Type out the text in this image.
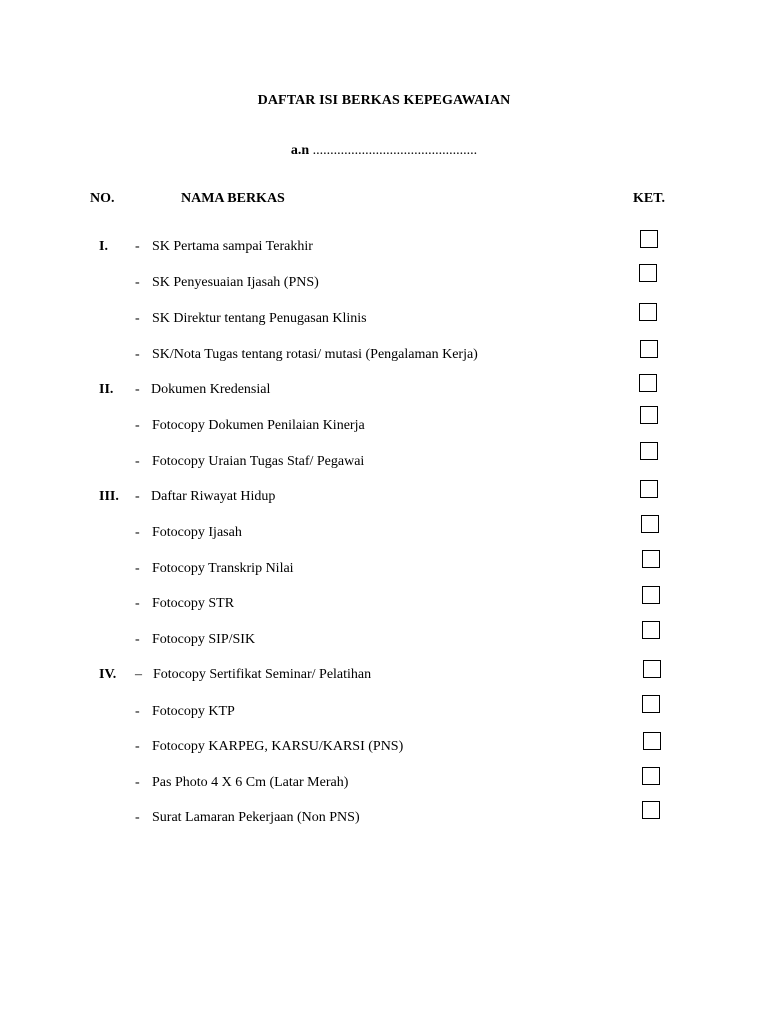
DAFTAR ISI BERKAS KEPEGAWAIAN
a.n ...............................................
NO.	NAMA BERKAS	KET.
I. - SK Pertama sampai Terakhir
- SK Penyesuaian Ijasah (PNS)
- SK Direktur tentang Penugasan Klinis
- SK/Nota Tugas tentang rotasi/ mutasi (Pengalaman Kerja)
II. - Dokumen Kredensial
- Fotocopy Dokumen Penilaian Kinerja
- Fotocopy Uraian Tugas Staf/ Pegawai
III. - Daftar Riwayat Hidup
- Fotocopy Ijasah
- Fotocopy Transkrip Nilai
- Fotocopy STR
- Fotocopy SIP/SIK
IV. – Fotocopy Sertifikat Seminar/ Pelatihan
- Fotocopy KTP
- Fotocopy KARPEG, KARSU/KARSI (PNS)
- Pas Photo 4 X 6 Cm (Latar Merah)
- Surat Lamaran Pekerjaan (Non PNS)
